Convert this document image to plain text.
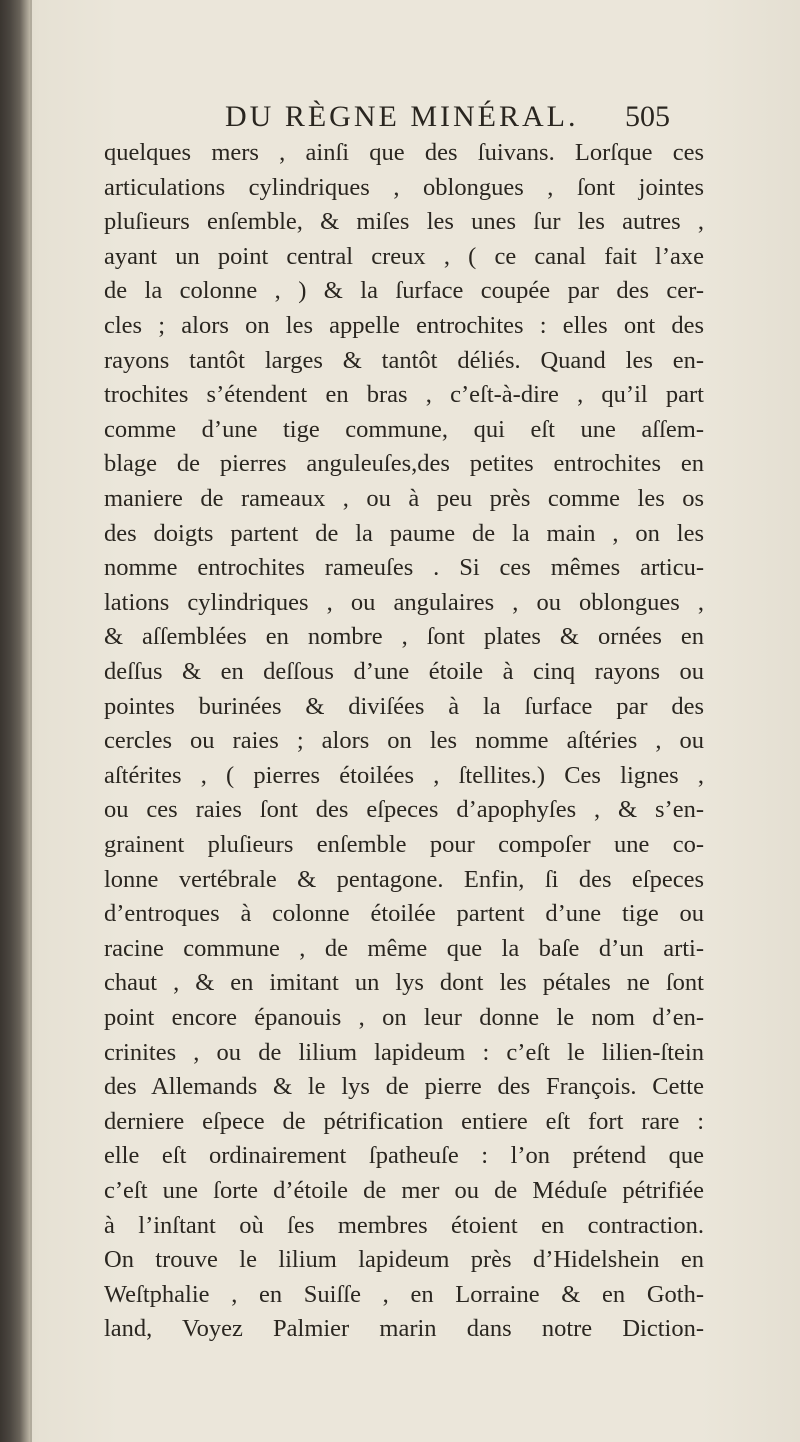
DU RÈGNE MINÉRAL. 505
quelques mers , ainſi que des ſuivans. Lorſque ces
articulations cylindriques , oblongues , ſont jointes
pluſieurs enſemble, & miſes les unes ſur les autres ,
ayant un point central creux , ( ce canal fait l’axe
de la colonne , ) & la ſurface coupée par des cer-
cles ; alors on les appelle entrochites : elles ont des
rayons tantôt larges & tantôt déliés. Quand les en-
trochites s’étendent en bras , c’eſt-à-dire , qu’il part
comme d’une tige commune, qui eſt une aſſem-
blage de pierres anguleuſes,des petites entrochites en
maniere de rameaux , ou à peu près comme les os
des doigts partent de la paume de la main , on les
nomme entrochites rameuſes . Si ces mêmes articu-
lations cylindriques , ou angulaires , ou oblongues ,
& aſſemblées en nombre , ſont plates & ornées en
deſſus & en deſſous d’une étoile à cinq rayons ou
pointes burinées & diviſées à la ſurface par des
cercles ou raies ; alors on les nomme aſtéries , ou
aſtérites , ( pierres étoilées , ſtellites.) Ces lignes ,
ou ces raies ſont des eſpeces d’apophyſes , & s’en-
grainent pluſieurs enſemble pour compoſer une co-
lonne vertébrale & pentagone. Enfin, ſi des eſpeces
d’entroques à colonne étoilée partent d’une tige ou
racine commune , de même que la baſe d’un arti-
chaut , & en imitant un lys dont les pétales ne ſont
point encore épanouis , on leur donne le nom d’en-
crinites , ou de lilium lapideum : c’eſt le lilien-ſtein
des Allemands & le lys de pierre des François. Cette
derniere eſpece de pétrification entiere eſt fort rare :
elle eſt ordinairement ſpatheuſe : l’on prétend que
c’eſt une ſorte d’étoile de mer ou de Méduſe pétrifiée
à l’inſtant où ſes membres étoient en contraction.
On trouve le lilium lapideum près d’Hidelshein en
Weſtphalie , en Suiſſe , en Lorraine & en Goth-
land, Voyez Palmier marin dans notre Diction-
